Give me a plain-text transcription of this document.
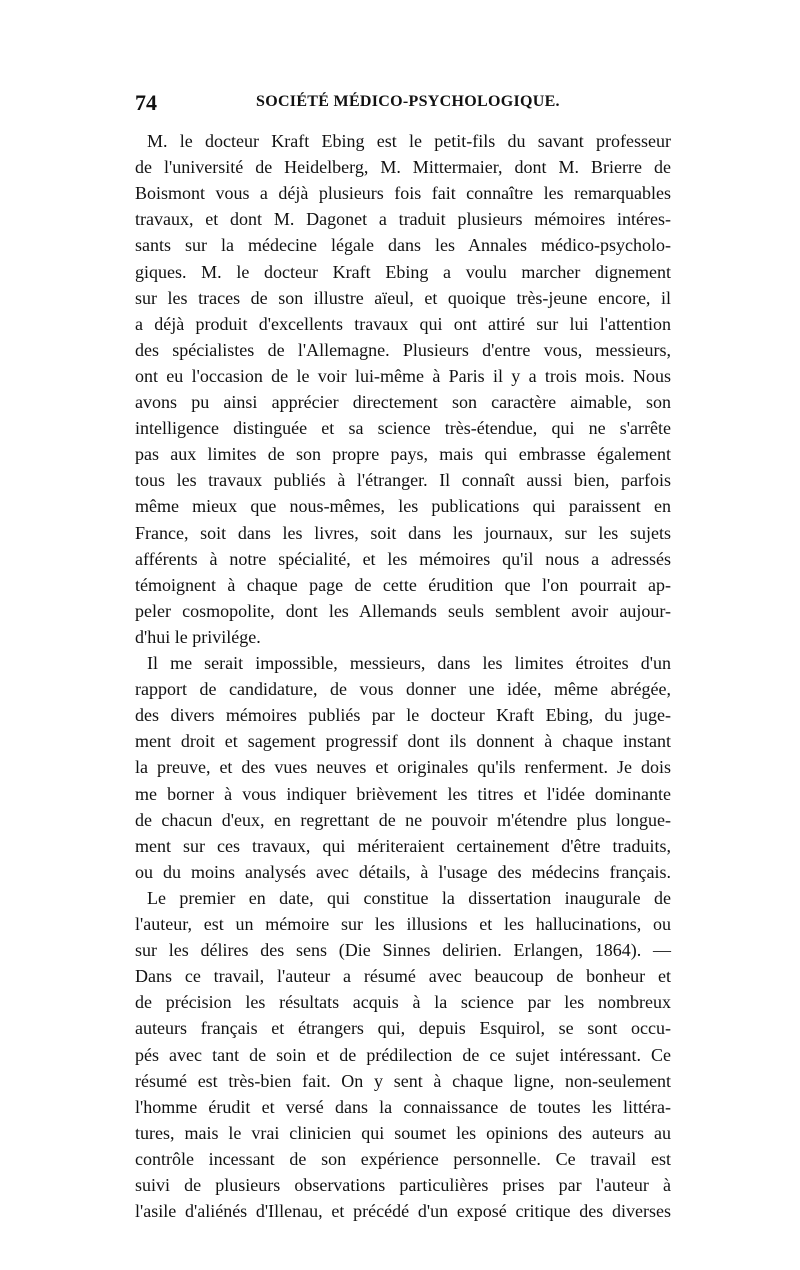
74	SOCIÉTÉ MÉDICO-PSYCHOLOGIQUE.
M. le docteur Kraft Ebing est le petit-fils du savant professeur
de l'université de Heidelberg, M. Mittermaier, dont M. Brierre de
Boismont vous a déjà plusieurs fois fait connaître les remarquables
travaux, et dont M. Dagonet a traduit plusieurs mémoires intéres-
sants sur la médecine légale dans les Annales médico-psycholo-
giques. M. le docteur Kraft Ebing a voulu marcher dignement
sur les traces de son illustre aïeul, et quoique très-jeune encore, il
a déjà produit d'excellents travaux qui ont attiré sur lui l'attention
des spécialistes de l'Allemagne. Plusieurs d'entre vous, messieurs,
ont eu l'occasion de le voir lui-même à Paris il y a trois mois. Nous
avons pu ainsi apprécier directement son caractère aimable, son
intelligence distinguée et sa science très-étendue, qui ne s'arrête
pas aux limites de son propre pays, mais qui embrasse également
tous les travaux publiés à l'étranger. Il connaît aussi bien, parfois
même mieux que nous-mêmes, les publications qui paraissent en
France, soit dans les livres, soit dans les journaux, sur les sujets
afférents à notre spécialité, et les mémoires qu'il nous a adressés
témoignent à chaque page de cette érudition que l'on pourrait ap-
peler cosmopolite, dont les Allemands seuls semblent avoir aujour-
d'hui le privilége.
Il me serait impossible, messieurs, dans les limites étroites d'un
rapport de candidature, de vous donner une idée, même abrégée,
des divers mémoires publiés par le docteur Kraft Ebing, du juge-
ment droit et sagement progressif dont ils donnent à chaque instant
la preuve, et des vues neuves et originales qu'ils renferment. Je dois
me borner à vous indiquer brièvement les titres et l'idée dominante
de chacun d'eux, en regrettant de ne pouvoir m'étendre plus longue-
ment sur ces travaux, qui mériteraient certainement d'être traduits,
ou du moins analysés avec détails, à l'usage des médecins français.
Le premier en date, qui constitue la dissertation inaugurale de
l'auteur, est un mémoire sur les illusions et les hallucinations, ou
sur les délires des sens (Die Sinnes delirien. Erlangen, 1864). —
Dans ce travail, l'auteur a résumé avec beaucoup de bonheur et
de précision les résultats acquis à la science par les nombreux
auteurs français et étrangers qui, depuis Esquirol, se sont occu-
pés avec tant de soin et de prédilection de ce sujet intéressant. Ce
résumé est très-bien fait. On y sent à chaque ligne, non-seulement
l'homme érudit et versé dans la connaissance de toutes les littéra-
tures, mais le vrai clinicien qui soumet les opinions des auteurs au
contrôle incessant de son expérience personnelle. Ce travail est
suivi de plusieurs observations particulières prises par l'auteur à
l'asile d'aliénés d'Illenau, et précédé d'un exposé critique des diverses
